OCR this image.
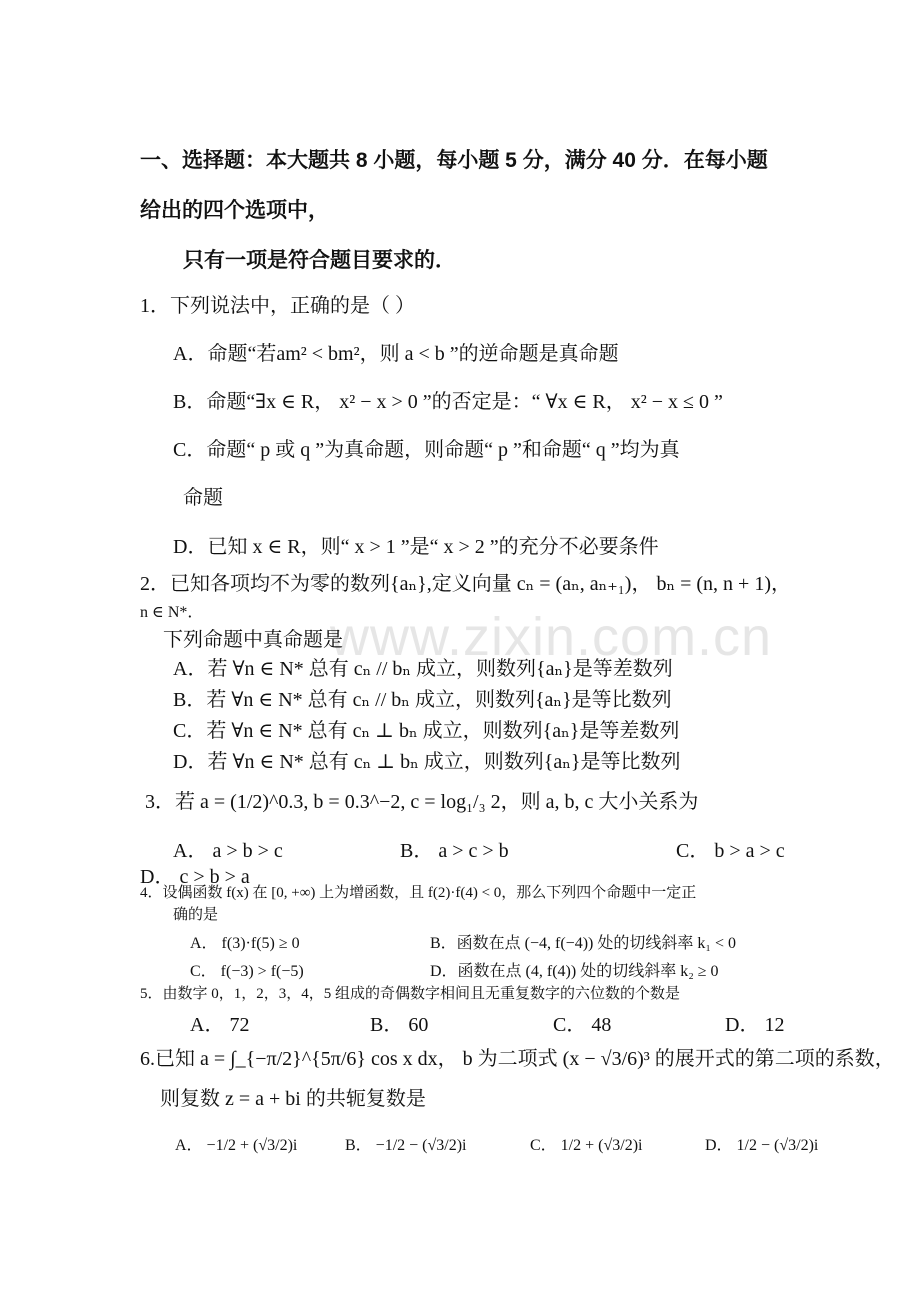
www.zixin.com.cn
一、选择题：本大题共 8 小题，每小题 5 分，满分 40 分．在每小题
给出的四个选项中，
只有一项是符合题目要求的．
1．下列说法中，正确的是（ ）
A．命题“若am² < bm²，则 a < b ”的逆命题是真命题
B．命题“∃x ∈ R， x² − x > 0 ”的否定是：“ ∀x ∈ R， x² − x ≤ 0 ”
C．命题“ p 或 q ”为真命题，则命题“ p ”和命题“ q ”均为真
命题
D．已知 x ∈ R，则“ x > 1 ”是“ x > 2 ”的充分不必要条件
2．已知各项均不为零的数列{aₙ},定义向量 cₙ = (aₙ, aₙ₊₁)， bₙ = (n, n + 1)，
n ∈ N*．
下列命题中真命题是
A．若 ∀n ∈ N* 总有 cₙ // bₙ 成立，则数列{aₙ}是等差数列
B．若 ∀n ∈ N* 总有 cₙ // bₙ 成立，则数列{aₙ}是等比数列
C．若 ∀n ∈ N* 总有 cₙ ⊥ bₙ 成立，则数列{aₙ}是等差数列
D．若 ∀n ∈ N* 总有 cₙ ⊥ bₙ 成立，则数列{aₙ}是等比数列
3．若 a = (1/2)^0.3, b = 0.3^−2, c = log₁/₃ 2，则 a, b, c 大小关系为
A． a > b > c	B． a > c > b	C． b > a > c
D． c > b > a
4．设偶函数 f(x) 在 [0, +∞) 上为增函数，且 f(2)·f(4) < 0，那么下列四个命题中一定正
确的是
A． f(3)·f(5) ≥ 0	B．函数在点 (−4, f(−4)) 处的切线斜率 k₁ < 0
C． f(−3) > f(−5)	D．函数在点 (4, f(4)) 处的切线斜率 k₂ ≥ 0
5．由数字 0，1，2，3，4，5 组成的奇偶数字相间且无重复数字的六位数的个数是
A． 72	B． 60	C． 48	D． 12
6.已知 a = ∫_{−π/2}^{5π/6} cos x dx， b 为二项式 (x − √3/6)³ 的展开式的第二项的系数，
则复数 z = a + bi 的共轭复数是
A． −1/2 + (√3/2)i	B． −1/2 − (√3/2)i	C． 1/2 + (√3/2)i	D． 1/2 − (√3/2)i
